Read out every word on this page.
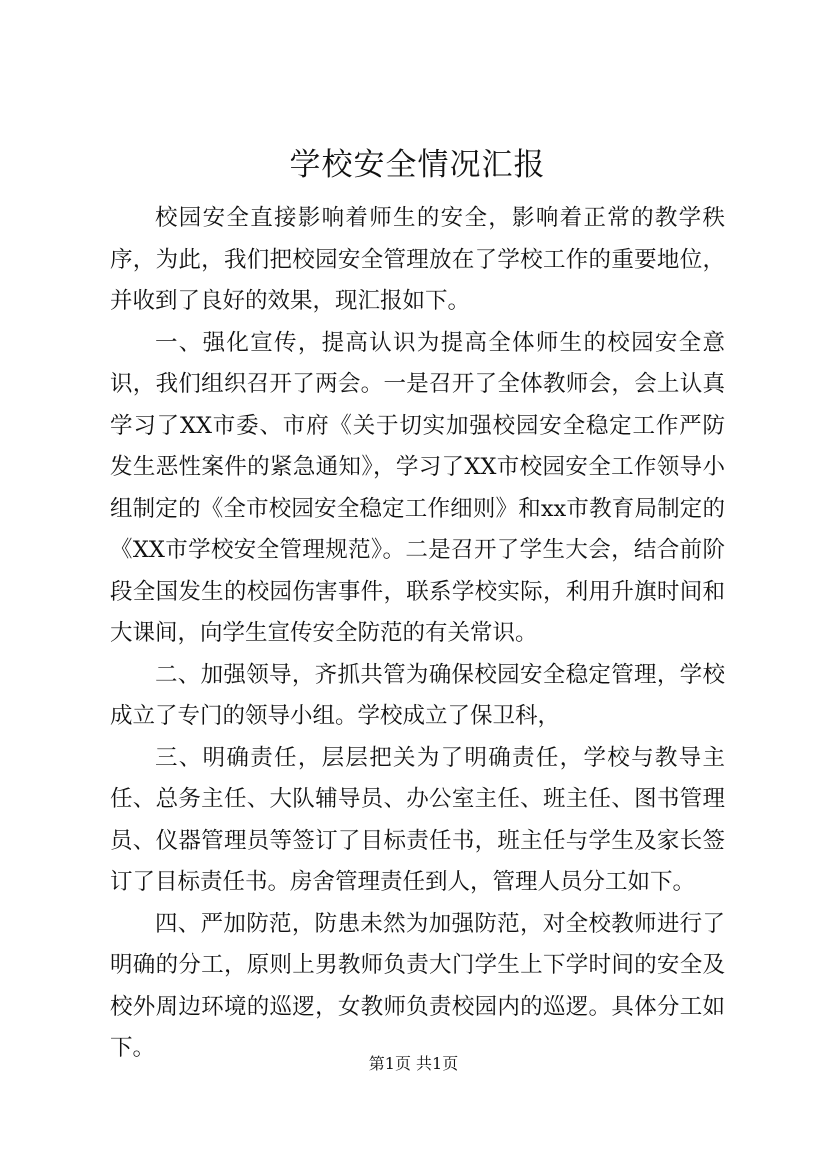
学校安全情况汇报

校园安全直接影响着师生的安全，影响着正常的教学秩序，为此，我们把校园安全管理放在了学校工作的重要地位，并收到了良好的效果，现汇报如下。

一、强化宣传，提高认识为提高全体师生的校园安全意识，我们组织召开了两会。一是召开了全体教师会，会上认真学习了XX市委、市府《关于切实加强校园安全稳定工作严防发生恶性案件的紧急通知》，学习了XX市校园安全工作领导小组制定的《全市校园安全稳定工作细则》和xx市教育局制定的《XX市学校安全管理规范》。二是召开了学生大会，结合前阶段全国发生的校园伤害事件，联系学校实际，利用升旗时间和大课间，向学生宣传安全防范的有关常识。

二、加强领导，齐抓共管为确保校园安全稳定管理，学校成立了专门的领导小组。学校成立了保卫科，

三、明确责任，层层把关为了明确责任，学校与教导主任、总务主任、大队辅导员、办公室主任、班主任、图书管理员、仪器管理员等签订了目标责任书，班主任与学生及家长签订了目标责任书。房舍管理责任到人，管理人员分工如下。

四、严加防范，防患未然为加强防范，对全校教师进行了明确的分工，原则上男教师负责大门学生上下学时间的安全及校外周边环境的巡逻，女教师负责校园内的巡逻。具体分工如下。

第1页 共1页
